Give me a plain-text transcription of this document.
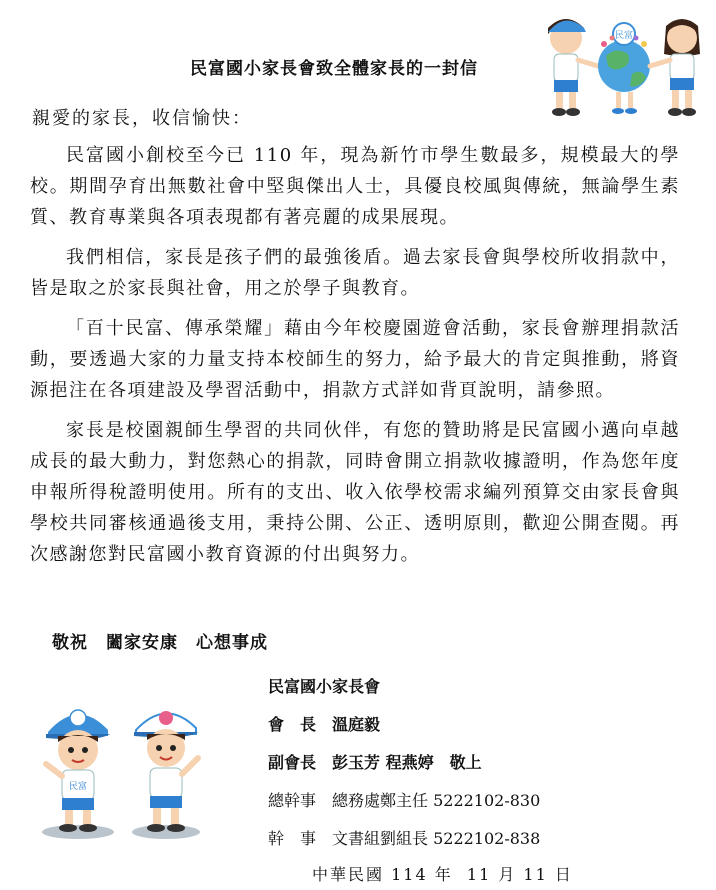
民富國小家長會致全體家長的一封信
民富
親愛的家長，收信愉快：

民富國小創校至今已 110 年，現為新竹市學生數最多，規模最大的學校。期間孕育出無數社會中堅與傑出人士，具優良校風與傳統，無論學生素質、教育專業與各項表現都有著亮麗的成果展現。

我們相信，家長是孩子們的最強後盾。過去家長會與學校所收捐款中，皆是取之於家長與社會，用之於學子與教育。

「百十民富、傳承榮耀」藉由今年校慶園遊會活動，家長會辦理捐款活動，要透過大家的力量支持本校師生的努力，給予最大的肯定與推動，將資源挹注在各項建設及學習活動中，捐款方式詳如背頁說明，請參照。

家長是校園親師生學習的共同伙伴，有您的贊助將是民富國小邁向卓越成長的最大動力，對您熱心的捐款，同時會開立捐款收據證明，作為您年度申報所得稅證明使用。所有的支出、收入依學校需求編列預算交由家長會與學校共同審核通過後支用，秉持公開、公正、透明原則，歡迎公開查閱。再次感謝您對民富國小教育資源的付出與努力。

敬祝　闔家安康　心想事成
民富國小家長會
會　長　溫庭毅
副會長　彭玉芳 程燕婷　敬上
總幹事　總務處鄭主任 5222102-830
幹　事　文書組劉組長 5222102-838
中華民國 114 年  11 月 11 日
民富
